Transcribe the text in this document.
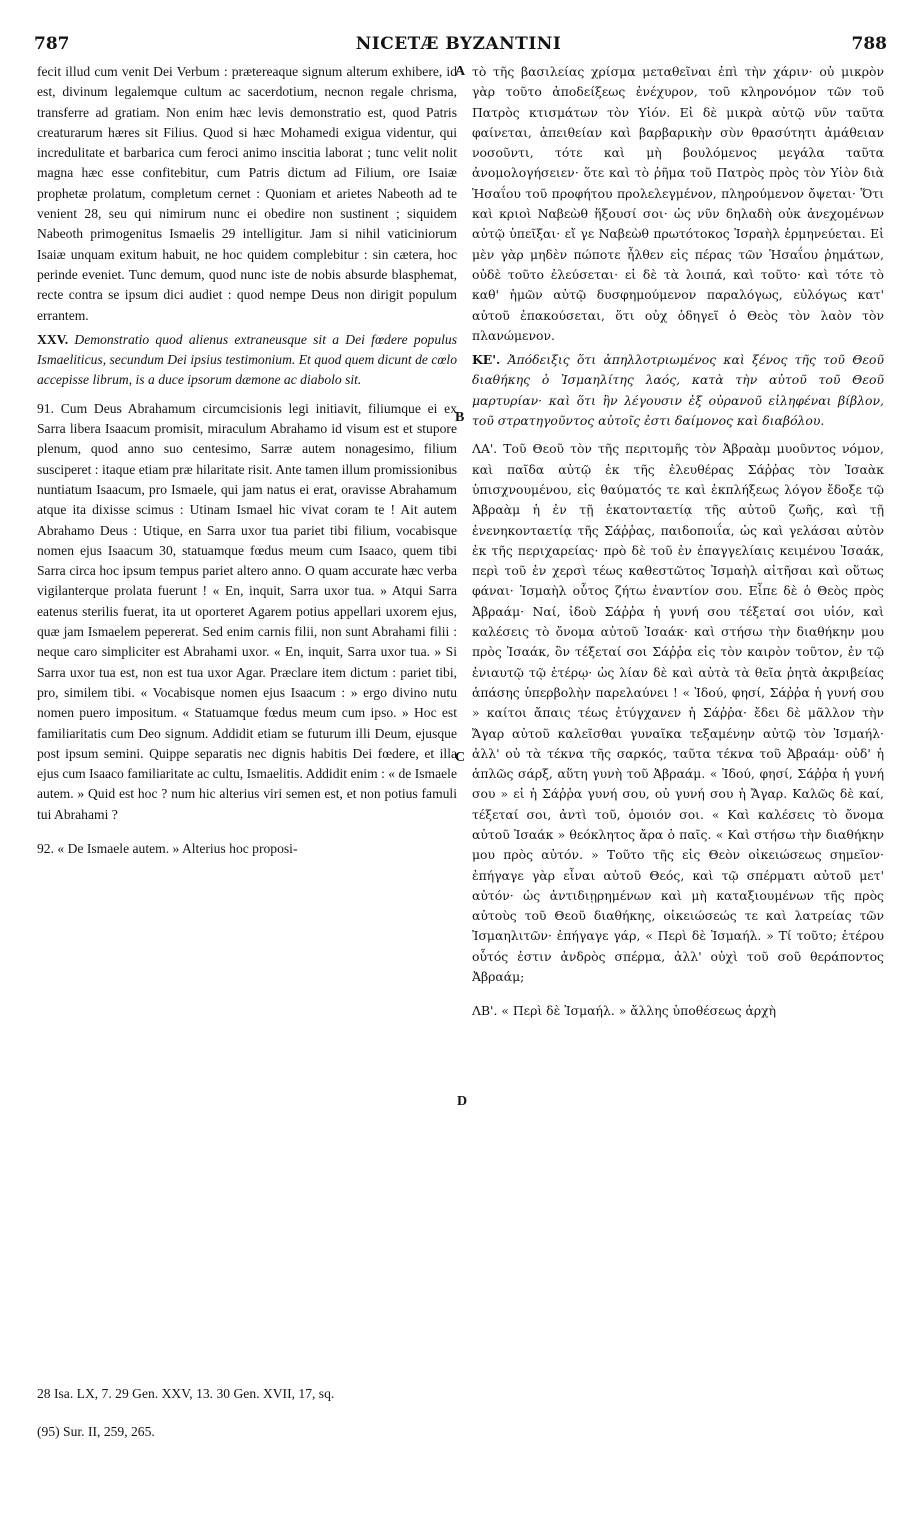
787	NICETÆ BYZANTINI	788
A
B
C
D

fecit illud cum venit Dei Verbum : prætereaque signum alterum exhibere, id est, divinum legalemque cultum ac sacerdotium, necnon regale chrisma, transferre ad gratiam. Non enim hæc levis demonstratio est, quod Patris creaturarum hæres sit Filius. Quod si hæc Mohamedi exigua videntur, qui incredulitate et barbarica cum feroci animo inscitia laborat ; tunc velit nolit magna hæc esse confitebitur, cum Patris dictum ad Filium, ore Isaiæ prophetæ prolatum, completum cernet : Quoniam et arietes Nabeoth ad te venient 28, seu qui nimirum nunc ei obedire non sustinent ; siquidem Nabeoth primogenitus Ismaelis 29 intelligitur. Jam si nihil vaticiniorum Isaiæ unquam exitum habuit, ne hoc quidem complebitur : sin cætera, hoc perinde eveniet. Tunc demum, quod nunc iste de nobis absurde blasphemat, recte contra se ipsum dici audiet : quod nempe Deus non dirigit populum errantem.

XXV. Demonstratio quod alienus extraneusque sit a Dei fœdere populus Ismaeliticus, secundum Dei ipsius testimonium. Et quod quem dicunt de cœlo accepisse librum, is a duce ipsorum dæmone ac diabolo sit.

91. Cum Deus Abrahamum circumcisionis legi initiavit, filiumque ei ex Sarra libera Isaacum promisit, miraculum Abrahamo id visum est et stupore plenum, quod anno suo centesimo, Sarræ autem nonagesimo, filium susciperet : itaque etiam præ hilaritate risit. Ante tamen illum promissionibus nuntiatum Isaacum, pro Ismaele, qui jam natus ei erat, oravisse Abrahamum atque ita dixisse scimus : Utinam Ismael hic vivat coram te ! Ait autem Abrahamo Deus : Utique, en Sarra uxor tua pariet tibi filium, vocabisque nomen ejus Isaacum 30, statuamque fœdus meum cum Isaaco, quem tibi Sarra circa hoc ipsum tempus pariet altero anno. O quam accurate hæc verba vigilanterque prolata fuerunt ! « En, inquit, Sarra uxor tua. » Atqui Sarra eatenus sterilis fuerat, ita ut oporteret Agarem potius appellari uxorem ejus, quæ jam Ismaelem pepererat. Sed enim carnis filii, non sunt Abrahami filii : neque caro simpliciter est Abrahami uxor. « En, inquit, Sarra uxor tua. » Si Sarra uxor tua est, non est tua uxor Agar. Præclare item dictum : pariet tibi, pro, similem tibi. « Vocabisque nomen ejus Isaacum : » ergo divino nutu nomen puero impositum. « Statuamque fœdus meum cum ipso. » Hoc est familiaritatis cum Deo signum. Addidit etiam se futurum illi Deum, ejusque post ipsum semini. Quippe separatis nec dignis habitis Dei fœdere, et illa ejus cum Isaaco familiaritate ac cultu, Ismaelitis. Addidit enim : « de Ismaele autem. » Quid est hoc ? num hic alterius viri semen est, et non potius famuli tui Abrahami ?

92. « De Ismaele autem. » Alterius hoc proposi-

τὸ τῆς βασιλείας χρίσμα μεταθεῖναι ἐπὶ τὴν χάριν· οὐ μικρὸν γὰρ τοῦτο ἀποδείξεως ἐνέχυρον, τοῦ κληρονόμον τῶν τοῦ Πατρὸς κτισμάτων τὸν Υἱόν. Εἰ δὲ μικρὰ αὐτῷ νῦν ταῦτα φαίνεται, ἀπειθείαν καὶ βαρβαρικὴν σὺν θρασύτητι ἀμάθειαν νοσοῦντι, τότε καὶ μὴ βουλόμενος μεγάλα ταῦτα ἀνομολογήσειεν· ὅτε καὶ τὸ ῥῆμα τοῦ Πατρὸς πρὸς τὸν Υἱὸν διὰ Ἡσαΐου τοῦ προφήτου προλελεγμένον, πληρούμενον ὄψεται· Ὅτι καὶ κριοὶ Ναβεὼθ ἥξουσί σοι· ὡς νῦν δηλαδὴ οὐκ ἀνεχομένων αὐτῷ ὑπεῖξαι· εἴ γε Ναβεὼθ πρωτότοκος Ἰσραὴλ ἑρμηνεύεται. Εἰ μὲν γὰρ μηδὲν πώποτε ἦλθεν εἰς πέρας τῶν Ἡσαΐου ῥημάτων, οὐδὲ τοῦτο ἐλεύσεται· εἰ δὲ τὰ λοιπά, καὶ τοῦτο· καὶ τότε τὸ καθ' ἡμῶν αὐτῷ δυσφημούμενον παραλόγως, εὐλόγως κατ' αὐτοῦ ἐπακούσεται, ὅτι οὐχ ὁδηγεῖ ὁ Θεὸς τὸν λαὸν τὸν πλανώμενον.

ΚΕ'. Ἀπόδειξις ὅτι ἀπηλλοτριωμένος καὶ ξένος τῆς τοῦ Θεοῦ διαθήκης ὁ Ἰσμαηλίτης λαός, κατὰ τὴν αὐτοῦ τοῦ Θεοῦ μαρτυρίαν· καὶ ὅτι ἣν λέγουσιν ἐξ οὐρανοῦ εἰληφέναι βίβλον, τοῦ στρατηγοῦντος αὐτοῖς ἐστι δαίμονος καὶ διαβόλου.

ΛΑ'. Τοῦ Θεοῦ τὸν τῆς περιτομῆς τὸν Ἀβραὰμ μυοῦντος νόμον, καὶ παῖδα αὐτῷ ἐκ τῆς ἐλευθέρας Σάῤῥας τὸν Ἰσαὰκ ὑπισχνουμένου, εἰς θαύματός τε καὶ ἐκπλήξεως λόγον ἔδοξε τῷ Ἀβραὰμ ἡ ἐν τῇ ἑκατονταετίᾳ τῆς αὐτοῦ ζωῆς, καὶ τῇ ἐνενηκονταετίᾳ τῆς Σάῤῥας, παιδοποιΐα, ὡς καὶ γελάσαι αὐτὸν ἐκ τῆς περιχαρείας· πρὸ δὲ τοῦ ἐν ἐπαγγελίαις κειμένου Ἰσαάκ, περὶ τοῦ ἐν χερσὶ τέως καθεστῶτος Ἰσμαὴλ αἰτῆσαι καὶ οὕτως φάναι· Ἰσμαὴλ οὗτος ζήτω ἐναντίον σου. Εἶπε δὲ ὁ Θεὸς πρὸς Ἀβραάμ· Ναί, ἰδοὺ Σάῤῥα ἡ γυνή σου τέξεταί σοι υἱόν, καὶ καλέσεις τὸ ὄνομα αὐτοῦ Ἰσαάκ· καὶ στήσω τὴν διαθήκην μου πρὸς Ἰσαάκ, ὃν τέξεταί σοι Σάῤῥα εἰς τὸν καιρὸν τοῦτον, ἐν τῷ ἐνιαυτῷ τῷ ἑτέρῳ· ὡς λίαν δὲ καὶ αὐτὰ τὰ θεῖα ῥητὰ ἀκριβείας ἁπάσης ὑπερβολὴν παρελαύνει ! « Ἰδού, φησί, Σάῤῥα ἡ γυνή σου » καίτοι ἄπαις τέως ἐτύγχανεν ἡ Σάῤῥα· ἔδει δὲ μᾶλλον τὴν Ἄγαρ αὐτοῦ καλεῖσθαι γυναῖκα τεξαμένην αὐτῷ τὸν Ἰσμαήλ· ἀλλ' οὐ τὰ τέκνα τῆς σαρκός, ταῦτα τέκνα τοῦ Ἀβραάμ· οὐδ' ἡ ἁπλῶς σάρξ, αὕτη γυνὴ τοῦ Ἀβραάμ. « Ἰδού, φησί, Σάῤῥα ἡ γυνή σου » εἰ ἡ Σάῤῥα γυνή σου, οὐ γυνή σου ἡ Ἄγαρ. Καλῶς δὲ καί, τέξεταί σοι, ἀντὶ τοῦ, ὁμοιόν σοι. « Καὶ καλέσεις τὸ ὄνομα αὐτοῦ Ἰσαάκ » θεόκλητος ἄρα ὁ παῖς. « Καὶ στήσω τὴν διαθήκην μου πρὸς αὐτόν. » Τοῦτο τῆς εἰς Θεὸν οἰκειώσεως σημεῖον· ἐπήγαγε γὰρ εἶναι αὐτοῦ Θεός, καὶ τῷ σπέρματι αὐτοῦ μετ' αὐτόν· ὡς ἀντιδιῃρημένων καὶ μὴ καταξιουμένων τῆς πρὸς αὐτοὺς τοῦ Θεοῦ διαθήκης, οἰκειώσεώς τε καὶ λατρείας τῶν Ἰσμαηλιτῶν· ἐπήγαγε γάρ, « Περὶ δὲ Ἰσμαήλ. » Τί τοῦτο; ἑτέρου οὗτός ἐστιν ἀνδρὸς σπέρμα, ἀλλ' οὐχὶ τοῦ σοῦ θεράποντος Ἀβραάμ;

ΛΒ'. « Περὶ δὲ Ἰσμαήλ. » ἄλλης ὑποθέσεως ἀρχὴ

28 Isa. LX, 7. 29 Gen. XXV, 13. 30 Gen. XVII, 17, sq.
(95) Sur. II, 259, 265.
